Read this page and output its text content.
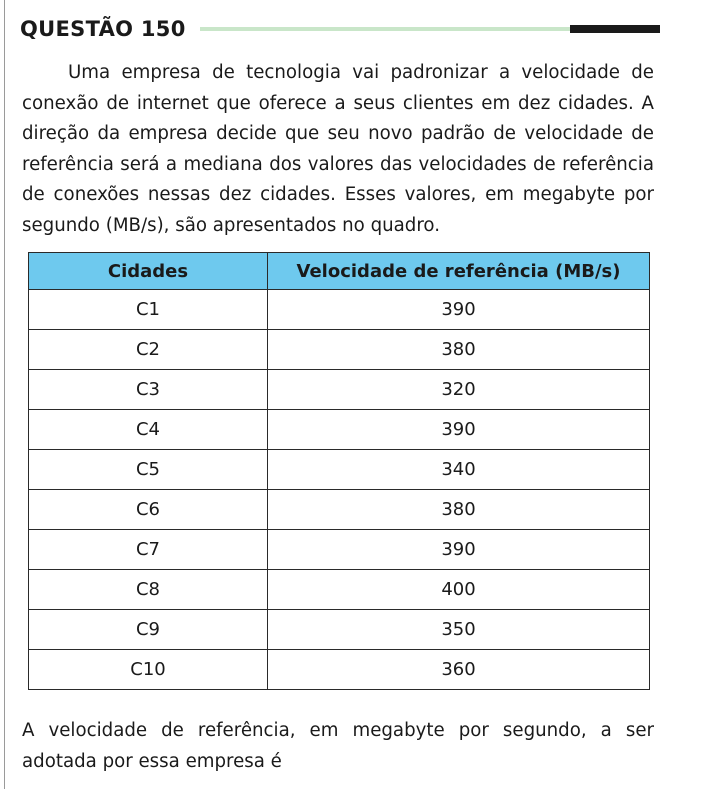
QUESTÃO 150

Uma empresa de tecnologia vai padronizar a velocidade de conexão de internet que oferece a seus clientes em dez cidades. A direção da empresa decide que seu novo padrão de velocidade de referência será a mediana dos valores das velocidades de referência de conexões nessas dez cidades. Esses valores, em megabyte por segundo (MB/s), são apresentados no quadro.

Cidades	Velocidade de referência (MB/s)
C1	390
C2	380
C3	320
C4	390
C5	340
C6	380
C7	390
C8	400
C9	350
C10	360

A velocidade de referência, em megabyte por segundo, a ser adotada por essa empresa é
